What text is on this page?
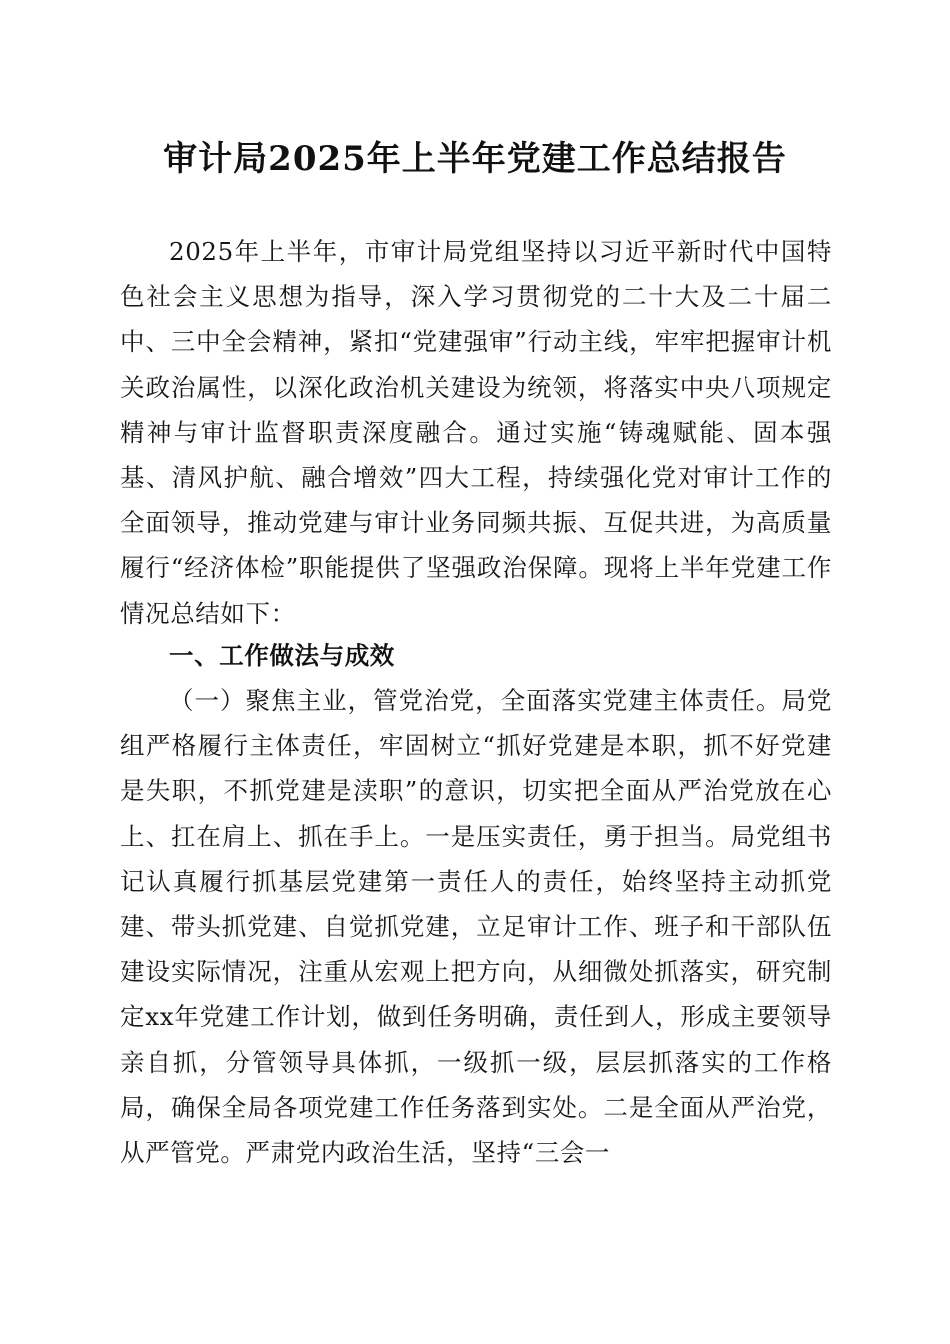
审计局2025年上半年党建工作总结报告
2025年上半年，市审计局党组坚持以习近平新时代中国特色社会主义思想为指导，深入学习贯彻党的二十大及二十届二中、三中全会精神，紧扣“党建强审”行动主线，牢牢把握审计机关政治属性，以深化政治机关建设为统领，将落实中央八项规定精神与审计监督职责深度融合。通过实施“铸魂赋能、固本强基、清风护航、融合增效”四大工程，持续强化党对审计工作的全面领导，推动党建与审计业务同频共振、互促共进，为高质量履行“经济体检”职能提供了坚强政治保障。现将上半年党建工作情况总结如下：
一、工作做法与成效
（一）聚焦主业，管党治党，全面落实党建主体责任。局党组严格履行主体责任，牢固树立“抓好党建是本职，抓不好党建是失职，不抓党建是渎职”的意识，切实把全面从严治党放在心上、扛在肩上、抓在手上。一是压实责任，勇于担当。局党组书记认真履行抓基层党建第一责任人的责任，始终坚持主动抓党建、带头抓党建、自觉抓党建，立足审计工作、班子和干部队伍建设实际情况，注重从宏观上把方向，从细微处抓落实，研究制定xx年党建工作计划，做到任务明确，责任到人，形成主要领导亲自抓，分管领导具体抓，一级抓一级，层层抓落实的工作格局，确保全局各项党建工作任务落到实处。二是全面从严治党，从严管党。严肃党内政治生活，坚持“三会一
